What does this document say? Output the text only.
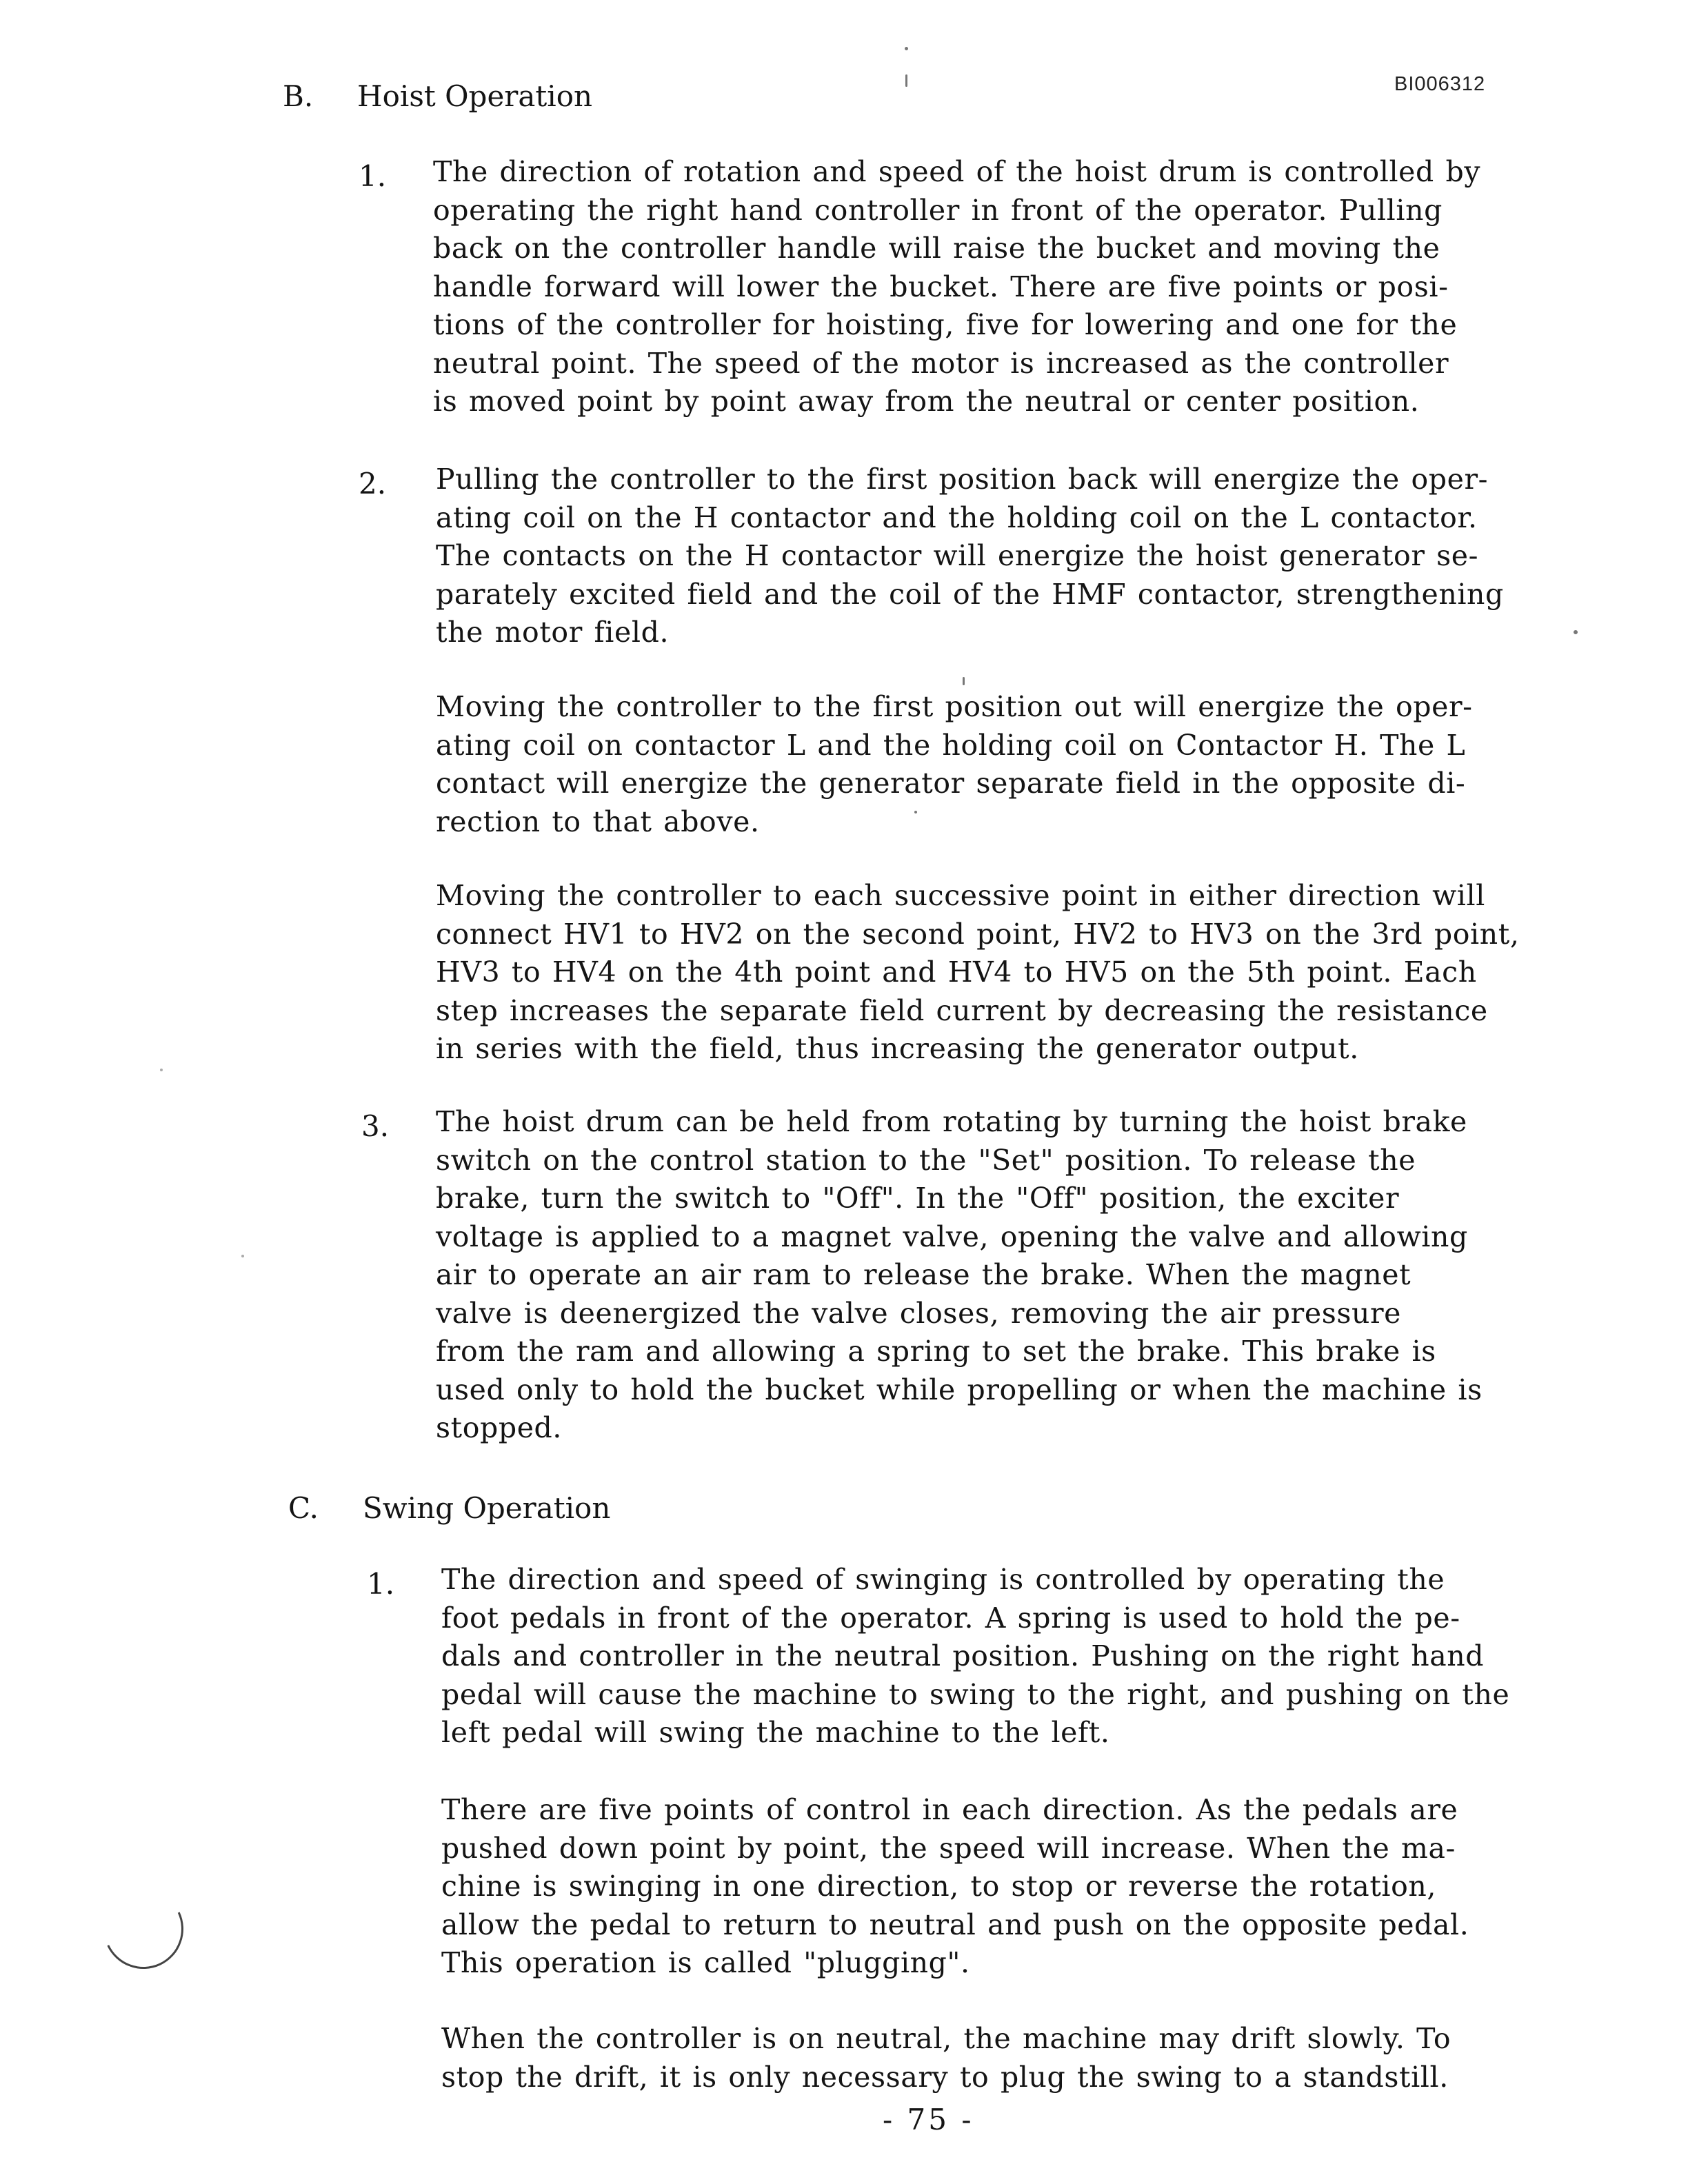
BI006312
B. Hoist Operation
1. The direction of rotation and speed of the hoist drum is controlled by
operating the right hand controller in front of the operator. Pulling
back on the controller handle will raise the bucket and moving the
handle forward will lower the bucket. There are five points or posi-
tions of the controller for hoisting, five for lowering and one for the
neutral point. The speed of the motor is increased as the controller
is moved point by point away from the neutral or center position.
2. Pulling the controller to the first position back will energize the oper-
ating coil on the H contactor and the holding coil on the L contactor.
The contacts on the H contactor will energize the hoist generator se-
parately excited field and the coil of the HMF contactor, strengthening
the motor field.
Moving the controller to the first position out will energize the oper-
ating coil on contactor L and the holding coil on Contactor H. The L
contact will energize the generator separate field in the opposite di-
rection to that above.
Moving the controller to each successive point in either direction will
connect HV1 to HV2 on the second point, HV2 to HV3 on the 3rd point,
HV3 to HV4 on the 4th point and HV4 to HV5 on the 5th point. Each
step increases the separate field current by decreasing the resistance
in series with the field, thus increasing the generator output.
3. The hoist drum can be held from rotating by turning the hoist brake
switch on the control station to the "Set" position. To release the
brake, turn the switch to "Off". In the "Off" position, the exciter
voltage is applied to a magnet valve, opening the valve and allowing
air to operate an air ram to release the brake. When the magnet
valve is deenergized the valve closes, removing the air pressure
from the ram and allowing a spring to set the brake. This brake is
used only to hold the bucket while propelling or when the machine is
stopped.
C. Swing Operation
1. The direction and speed of swinging is controlled by operating the
foot pedals in front of the operator. A spring is used to hold the pe-
dals and controller in the neutral position. Pushing on the right hand
pedal will cause the machine to swing to the right, and pushing on the
left pedal will swing the machine to the left.
There are five points of control in each direction. As the pedals are
pushed down point by point, the speed will increase. When the ma-
chine is swinging in one direction, to stop or reverse the rotation,
allow the pedal to return to neutral and push on the opposite pedal.
This operation is called "plugging".
When the controller is on neutral, the machine may drift slowly. To
stop the drift, it is only necessary to plug the swing to a standstill.
- 75 -
